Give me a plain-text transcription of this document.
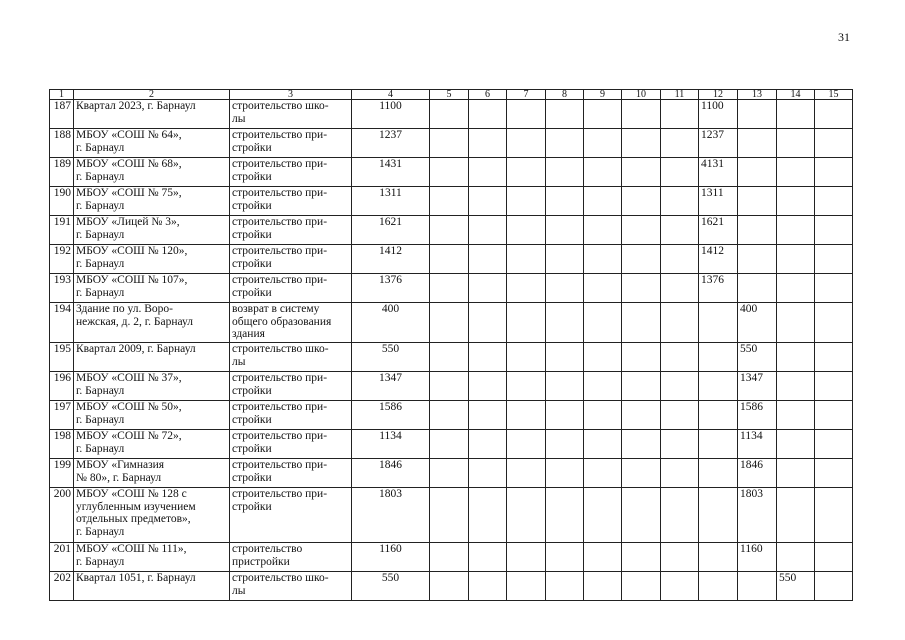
31
1	2	3	4	5	6	7	8	9	10	11	12	13	14	15
187	Квартал 2023, г. Барнаул	строительство шко-
лы	1100								1100			
188	МБОУ «СОШ № 64»,
г. Барнаул	строительство при-
стройки	1237								1237			
189	МБОУ «СОШ № 68»,
г. Барнаул	строительство при-
стройки	1431								4131			
190	МБОУ «СОШ № 75»,
г. Барнаул	строительство при-
стройки	1311								1311			
191	МБОУ «Лицей № 3»,
г. Барнаул	строительство при-
стройки	1621								1621			
192	МБОУ «СОШ № 120»,
г. Барнаул	строительство при-
стройки	1412								1412			
193	МБОУ «СОШ № 107»,
г. Барнаул	строительство при-
стройки	1376								1376			
194	Здание по ул. Воро-
нежская, д. 2, г. Барнаул	возврат в систему
общего образования
здания	400									400		
195	Квартал 2009, г. Барнаул	строительство шко-
лы	550									550		
196	МБОУ «СОШ № 37»,
г. Барнаул	строительство при-
стройки	1347									1347		
197	МБОУ «СОШ № 50»,
г. Барнаул	строительство при-
стройки	1586									1586		
198	МБОУ «СОШ № 72»,
г. Барнаул	строительство при-
стройки	1134									1134		
199	МБОУ «Гимназия
№ 80», г. Барнаул	строительство при-
стройки	1846									1846		
200	МБОУ «СОШ № 128 с
углубленным изучением
отдельных предметов»,
г. Барнаул	строительство при-
стройки	1803									1803		
201	МБОУ «СОШ № 111»,
г. Барнаул	строительство
пристройки	1160									1160		
202	Квартал 1051, г. Барнаул	строительство шко-
лы	550										550	
